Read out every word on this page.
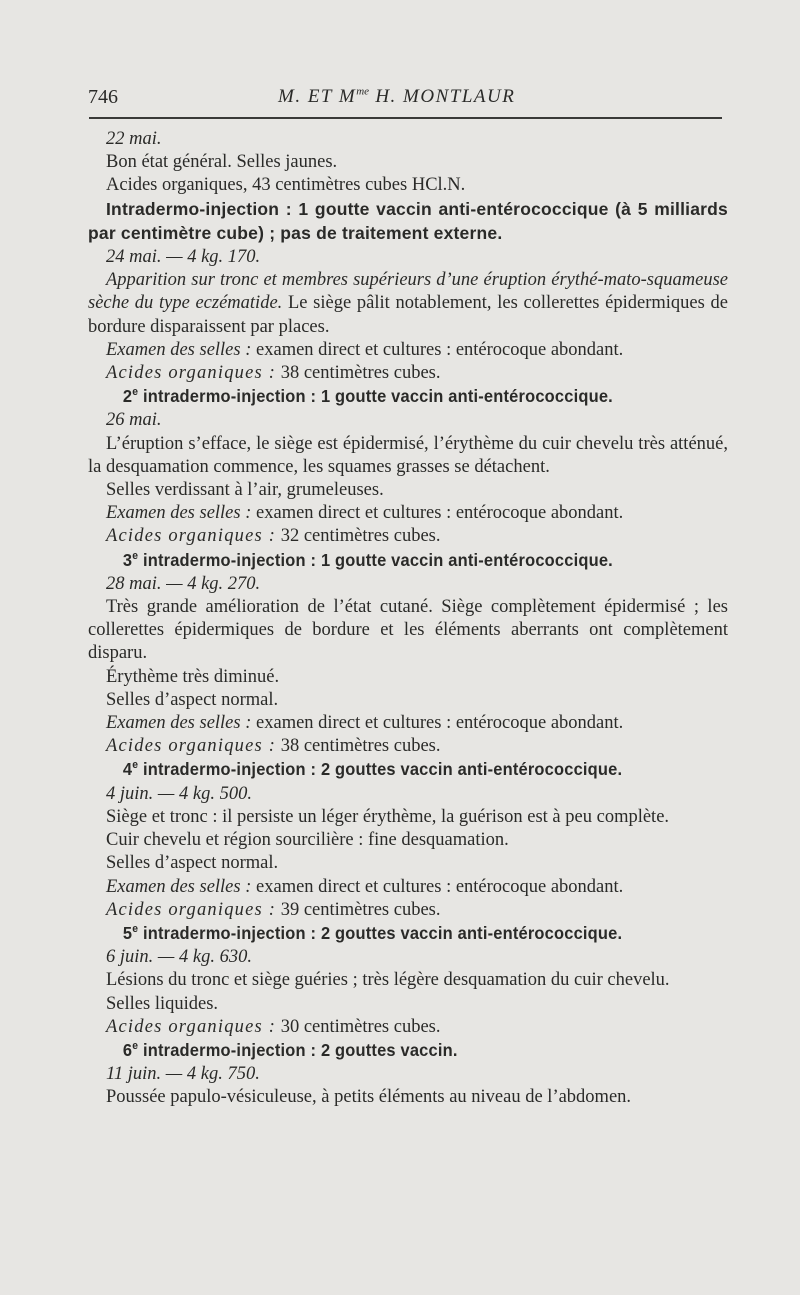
746	M. ET $M^{me}$ H. MONTLAUR

22 mai.

Bon état général. Selles jaunes.

Acides organiques, 43 centimètres cubes HCl.N.

Intradermo-injection : 1 goutte vaccin anti-entérococcique (à 5 milliards par centimètre cube) ; pas de traitement externe.

24 mai. — 4 kg. 170.

Apparition sur tronc et membres supérieurs d’une éruption érythé-mato-squameuse sèche du type eczématide. Le siège pâlit notablement, les collerettes épidermiques de bordure disparaissent par places.

Examen des selles : examen direct et cultures : entérocoque abondant.

Acides organiques : 38 centimètres cubes.

2e intradermo-injection : 1 goutte vaccin anti-entérococcique.

26 mai.

L’éruption s’efface, le siège est épidermisé, l’érythème du cuir chevelu très atténué, la desquamation commence, les squames grasses se détachent.

Selles verdissant à l’air, grumeleuses.

Examen des selles : examen direct et cultures : entérocoque abondant.

Acides organiques : 32 centimètres cubes.

3e intradermo-injection : 1 goutte vaccin anti-entérococcique.

28 mai. — 4 kg. 270.

Très grande amélioration de l’état cutané. Siège complètement épidermisé ; les collerettes épidermiques de bordure et les éléments aberrants ont complètement disparu.

Érythème très diminué.

Selles d’aspect normal.

Examen des selles : examen direct et cultures : entérocoque abondant.

Acides organiques : 38 centimètres cubes.

4e intradermo-injection : 2 gouttes vaccin anti-entérococcique.

4 juin. — 4 kg. 500.

Siège et tronc : il persiste un léger érythème, la guérison est à peu complète.

Cuir chevelu et région sourcilière : fine desquamation.

Selles d’aspect normal.

Examen des selles : examen direct et cultures : entérocoque abondant.

Acides organiques : 39 centimètres cubes.

5e intradermo-injection : 2 gouttes vaccin anti-entérococcique.

6 juin. — 4 kg. 630.

Lésions du tronc et siège guéries ; très légère desquamation du cuir chevelu.

Selles liquides.

Acides organiques : 30 centimètres cubes.

6e intradermo-injection : 2 gouttes vaccin.

11 juin. — 4 kg. 750.

Poussée papulo-vésiculeuse, à petits éléments au niveau de l’abdomen.
